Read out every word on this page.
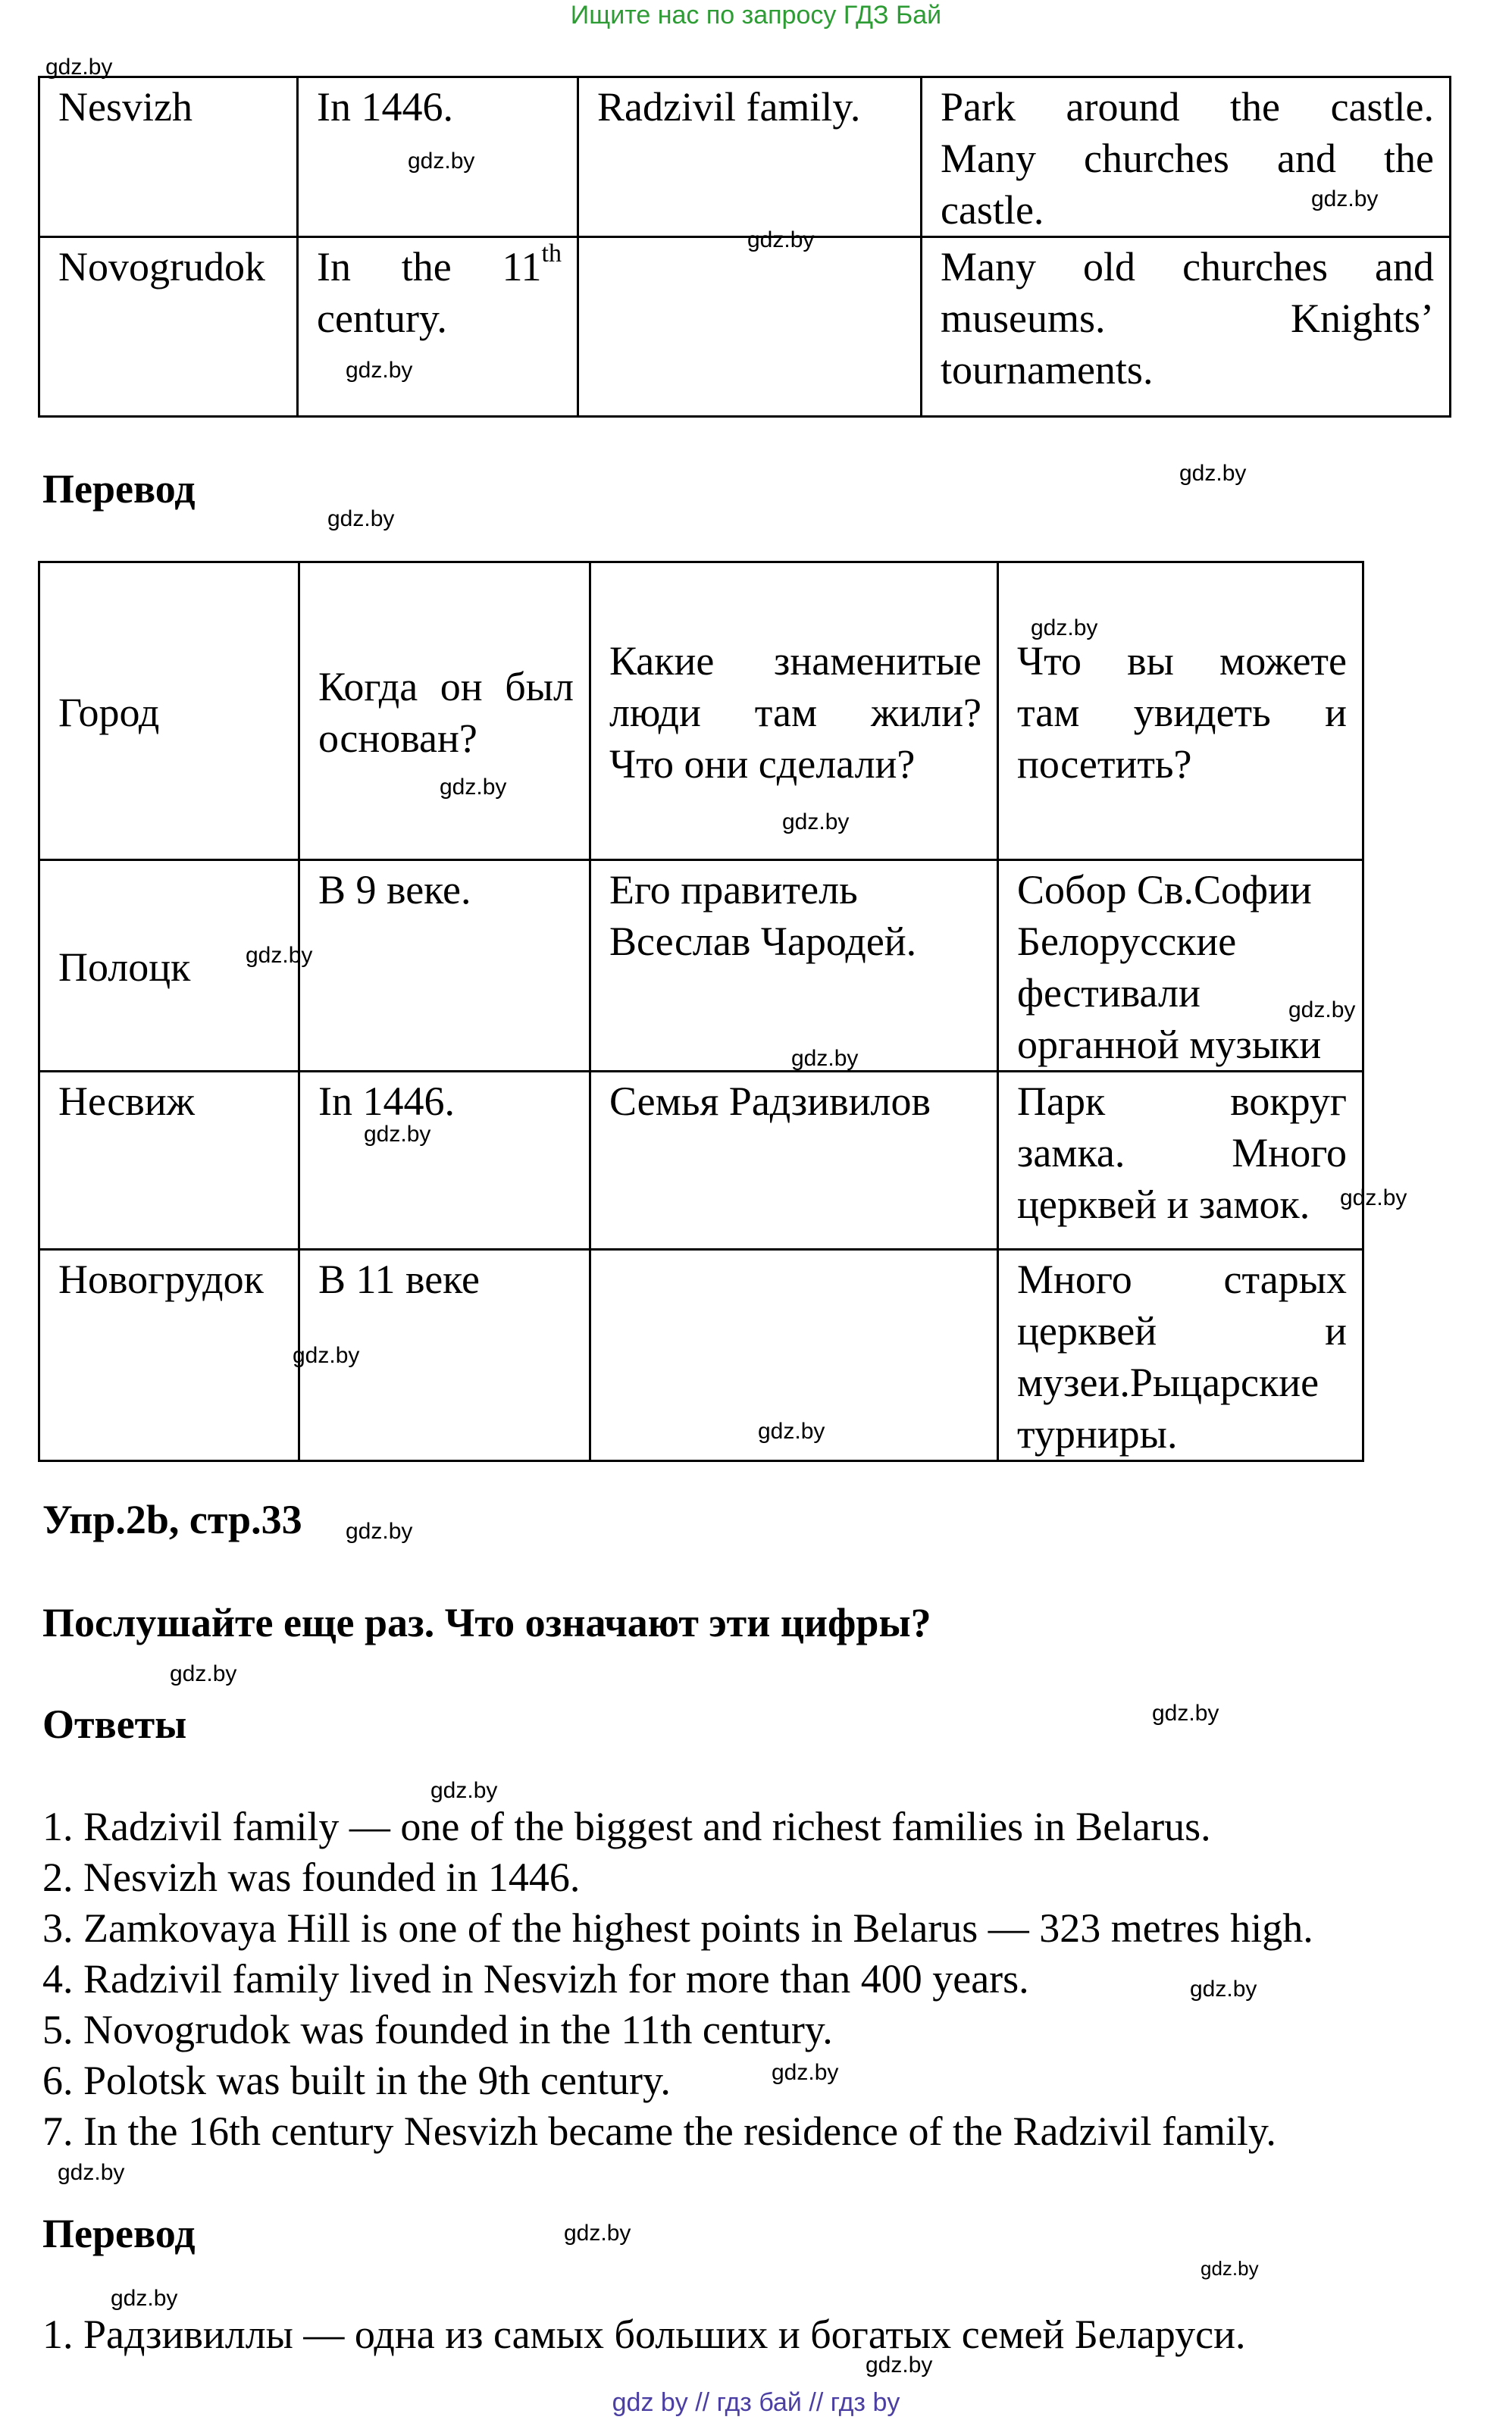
Ищите нас по запросу ГДЗ Бай
Nesvizh	In 1446.	Radzivil family.	Park around the castle.
Many churches and the
castle.

Novogrudok	In the 11th
century.		Many old churches and
museums. Knights’
tournaments.
Перевод
Город	Когда он был
основан?	Какие знаменитые
люди там жили?
Что они сделали?	Что вы можете
там увидеть и
посетить?

Полоцк	В 9 веке.	Его правитель
Всеслав Чародей.	Собор Св.Софии
Белорусские
фестивали
органной музыки

Несвиж	In 1446.	Семья Радзивилов	Парк вокруг
замка. Много
церквей и замок.

Новогрудок	В 11 веке		Много старых
церквей и
музеи.Рыцарские
турниры.
Упр.2b, стр.33
Послушайте еще раз. Что означают эти цифры?
Ответы
1. Radzivil family — one of the biggest and richest families in Belarus.
2. Nesvizh was founded in 1446.
3. Zamkovaya Hill is one of the highest points in Belarus — 323 metres high.
4. Radzivil family lived in Nesvizh for more than 400 years.
5. Novogrudok was founded in the 11th century.
6. Polotsk was built in the 9th century.
7. In the 16th century Nesvizh became the residence of the Radzivil family.
Перевод
1. Радзивиллы — одна из самых больших и богатых семей Беларуси.
gdz.by
gdz.by
gdz.by
gdz.by
gdz.by
gdz.by
gdz.by
gdz.by
gdz.by
gdz.by
gdz.by
gdz.by
gdz.by
gdz.by
gdz.by
gdz.by
gdz.by
gdz.by
gdz.by
gdz.by
gdz.by
gdz.by
gdz.by
gdz.by
gdz.by
gdz.by
gdz.by
gdz.by
gdz by // гдз бай // гдз by
